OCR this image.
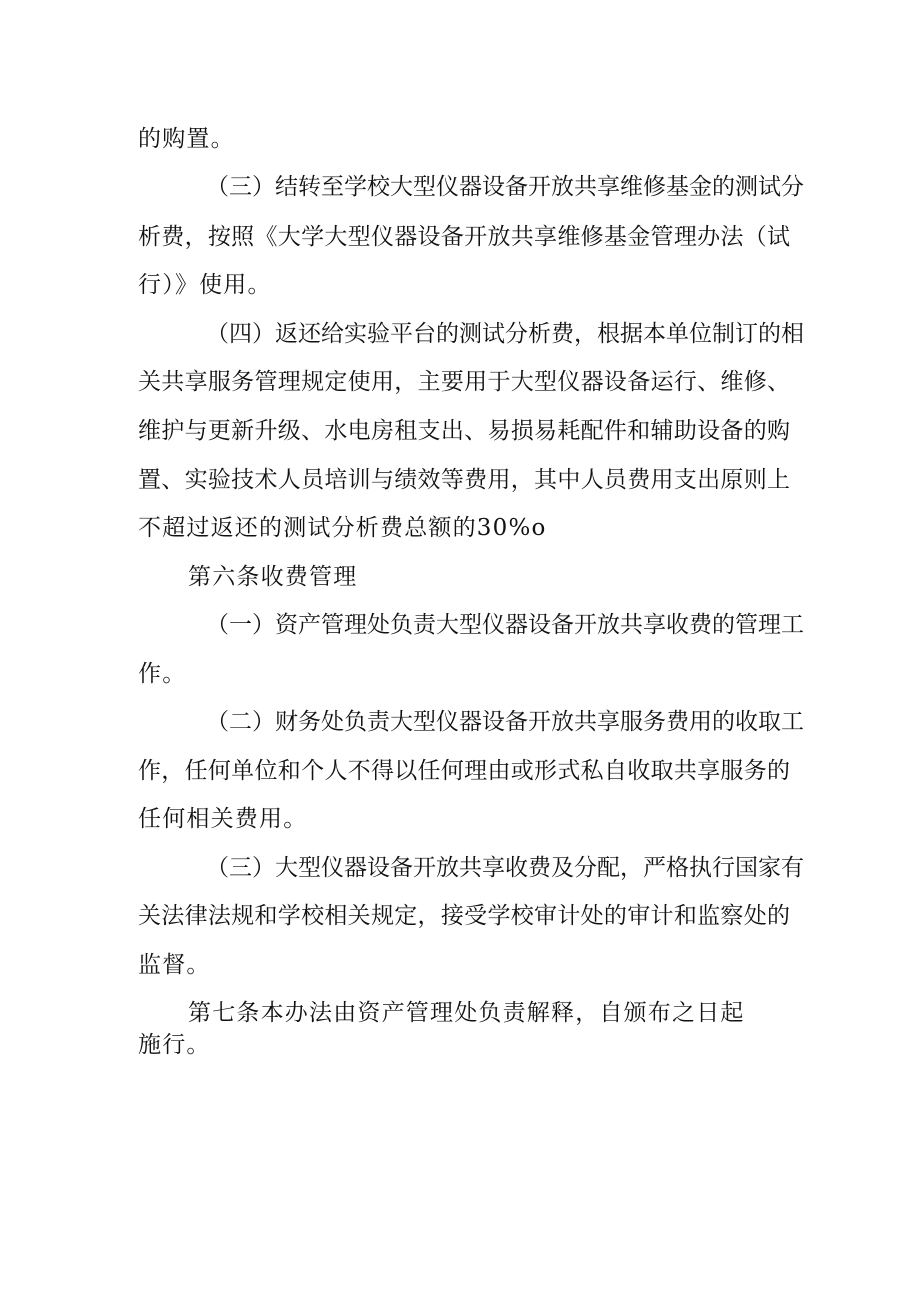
的购置。
（三）结转至学校大型仪器设备开放共享维修基金的测试分
析费，按照《大学大型仪器设备开放共享维修基金管理办法（试
行）》使用。
（四）返还给实验平台的测试分析费，根据本单位制订的相
关共享服务管理规定使用，主要用于大型仪器设备运行、维修、
维护与更新升级、水电房租支出、易损易耗配件和辅助设备的购
置、实验技术人员培训与绩效等费用，其中人员费用支出原则上
不超过返还的测试分析费总额的30%o
第六条收费管理
（一）资产管理处负责大型仪器设备开放共享收费的管理工
作。
（二）财务处负责大型仪器设备开放共享服务费用的收取工
作，任何单位和个人不得以任何理由或形式私自收取共享服务的
任何相关费用。
（三）大型仪器设备开放共享收费及分配，严格执行国家有
关法律法规和学校相关规定，接受学校审计处的审计和监察处的
监督。
第七条本办法由资产管理处负责解释，自颁布之日起
施行。
